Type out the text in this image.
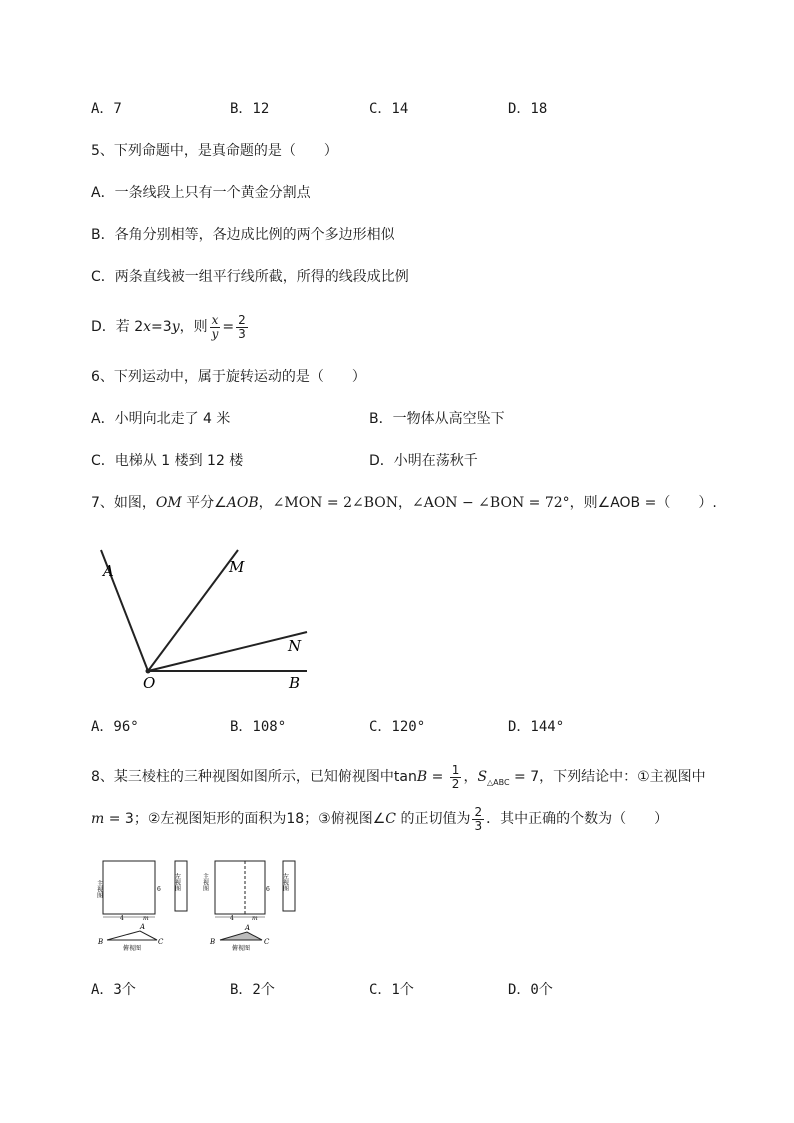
A．7	B．12	C．14	D．18
5、下列命题中，是真命题的是（　　）
A．一条线段上只有一个黄金分割点
B．各角分别相等，各边成比例的两个多边形相似
C．两条直线被一组平行线所截，所得的线段成比例
D．若 2x=3y，则 $\frac{x}{y} = \frac{2}{3}$
6、下列运动中，属于旋转运动的是（　　）
A．小明向北走了 4 米	B．一物体从高空坠下
C．电梯从 1 楼到 12 楼	D．小明在荡秋千
7、如图，OM 平分∠AOB，∠MON = 2∠BON，∠AON − ∠BON = 72°，则∠AOB =（　　）.
A	M
N
O	B
A．96°	B．108°	C．120°	D．144°
8、某三棱柱的三种视图如图所示，已知俯视图中$\tan B = \frac{1}{2}$ ，$S_{\triangle ABC} = 7$，下列结论中：①主视图中
m = 3；②左视图矩形的面积为18；③俯视图∠C 的正切值为 $\frac{2}{3}$ ．其中正确的个数为（　　）
主视图	6
4	m
左视图
A
B	C
俯视图
主视图	6
4	m
左视图
A
B	C
俯视图
A．3个	B．2个	C．1个	D．0个
